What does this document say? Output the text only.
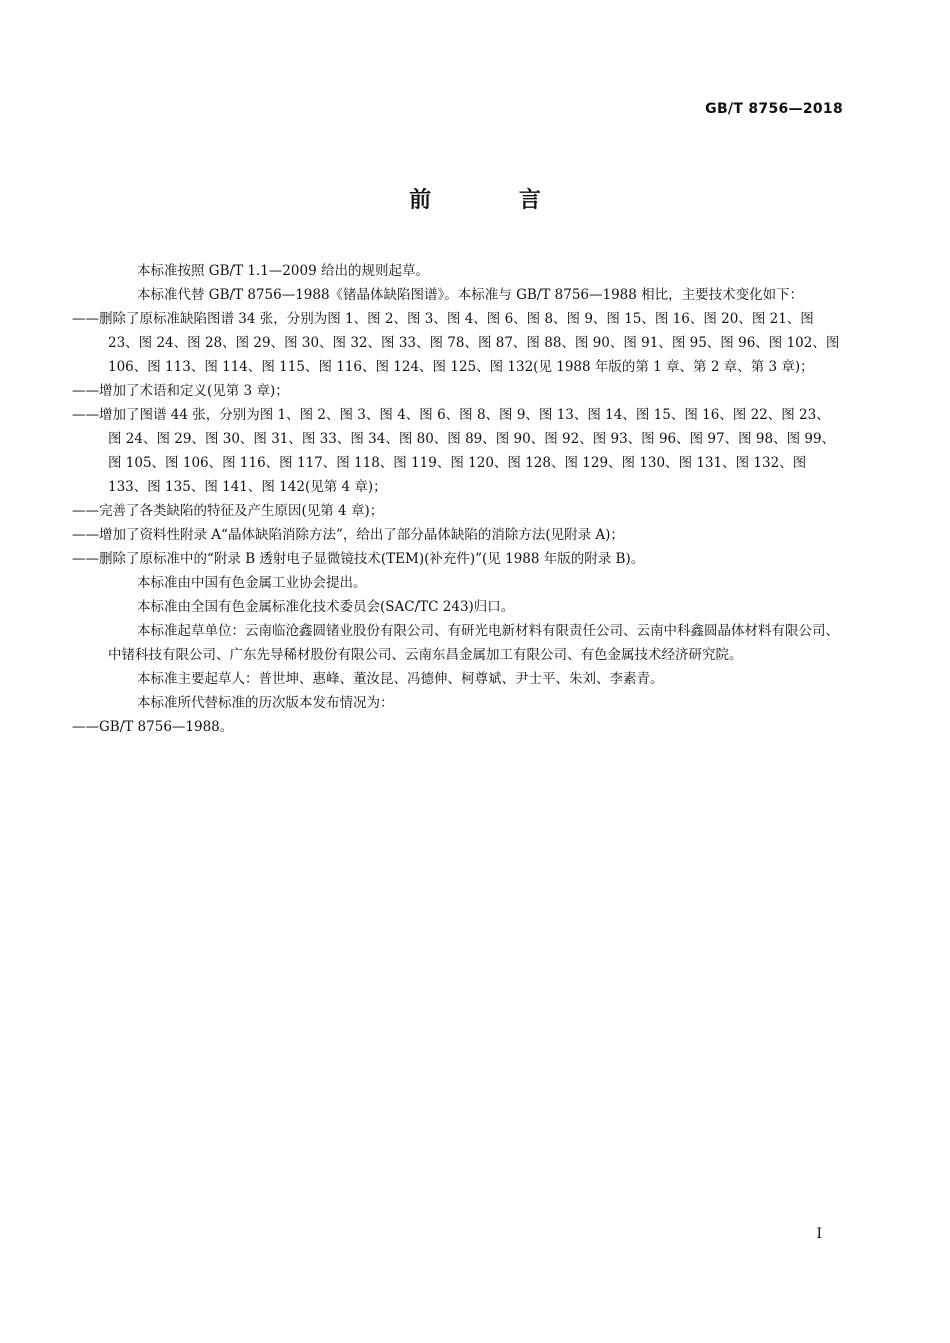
GB/T 8756—2018
前 言

本标准按照 GB/T 1.1—2009 给出的规则起草。

本标准代替 GB/T 8756—1988《锗晶体缺陷图谱》。本标准与 GB/T 8756—1988 相比，主要技术变化如下：

——删除了原标准缺陷图谱 34 张，分别为图 1、图 2、图 3、图 4、图 6、图 8、图 9、图 15、图 16、图 20、图 21、图 23、图 24、图 28、图 29、图 30、图 32、图 33、图 78、图 87、图 88、图 90、图 91、图 95、图 96、图 102、图 106、图 113、图 114、图 115、图 116、图 124、图 125、图 132(见 1988 年版的第 1 章、第 2 章、第 3 章)；

——增加了术语和定义(见第 3 章)；

——增加了图谱 44 张，分别为图 1、图 2、图 3、图 4、图 6、图 8、图 9、图 13、图 14、图 15、图 16、图 22、图 23、图 24、图 29、图 30、图 31、图 33、图 34、图 80、图 89、图 90、图 92、图 93、图 96、图 97、图 98、图 99、图 105、图 106、图 116、图 117、图 118、图 119、图 120、图 128、图 129、图 130、图 131、图 132、图 133、图 135、图 141、图 142(见第 4 章)；

——完善了各类缺陷的特征及产生原因(见第 4 章)；

——增加了资料性附录 A“晶体缺陷消除方法”，给出了部分晶体缺陷的消除方法(见附录 A)；

——删除了原标准中的“附录 B 透射电子显微镜技术(TEM)(补充件)”(见 1988 年版的附录 B)。

本标准由中国有色金属工业协会提出。

本标准由全国有色金属标准化技术委员会(SAC/TC 243)归口。

本标准起草单位：云南临沧鑫圆锗业股份有限公司、有研光电新材料有限责任公司、云南中科鑫圆晶体材料有限公司、中锗科技有限公司、广东先导稀材股份有限公司、云南东昌金属加工有限公司、有色金属技术经济研究院。

本标准主要起草人：普世坤、惠峰、董汝昆、冯德伸、柯尊斌、尹士平、朱刘、李素青。

本标准所代替标准的历次版本发布情况为：

——GB/T 8756—1988。

I
